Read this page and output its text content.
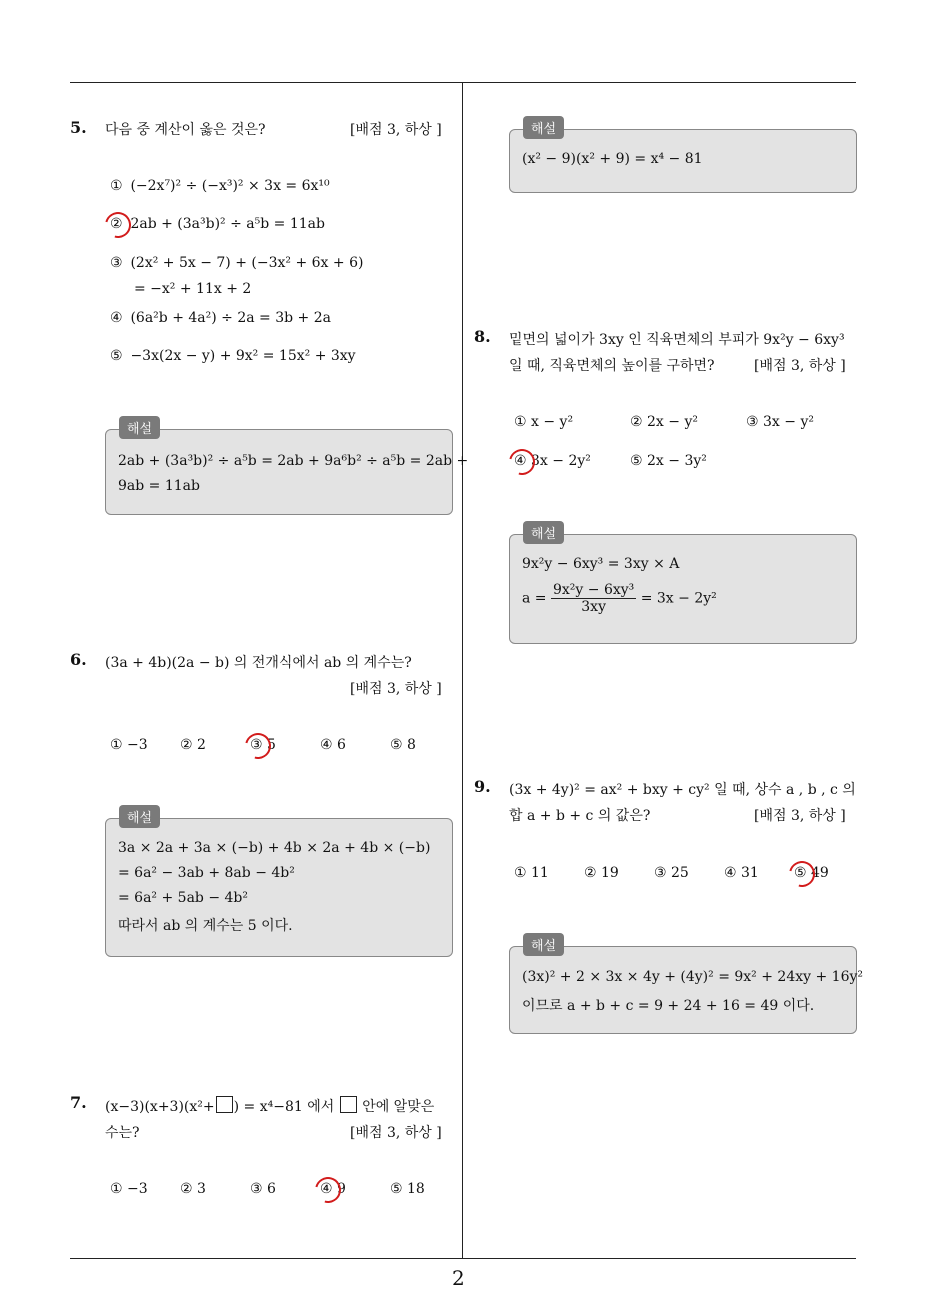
5. 다음 중 계산이 옳은 것은?	[배점 3, 하상 ]
① (−2x⁷)² ÷ (−x³)² × 3x = 6x¹⁰
② 2ab + (3a³b)² ÷ a⁵b = 11ab
③ (2x² + 5x − 7) + (−3x² + 6x + 6)
= −x² + 11x + 2
④ (6a²b + 4a²) ÷ 2a = 3b + 2a
⑤ −3x(2x − y) + 9x² = 15x² + 3xy
해설
2ab + (3a³b)² ÷ a⁵b = 2ab + 9a⁶b² ÷ a⁵b = 2ab +
9ab = 11ab
6. (3a + 4b)(2a − b) 의 전개식에서 ab 의 계수는?
[배점 3, 하상 ]
① −3 ② 2	③ 5	④ 6	⑤ 8
해설
3a × 2a + 3a × (−b) + 4b × 2a + 4b × (−b)
= 6a² − 3ab + 8ab − 4b²
= 6a² + 5ab − 4b²
따라서 ab 의 계수는 5 이다.
7. (x−3)(x+3)(x²+ ) = x⁴−81 에서 안에 알맞은
수는?	[배점 3, 하상 ]
① −3 ② 3	③ 6	④ 9	⑤ 18
해설
(x² − 9)(x² + 9) = x⁴ − 81
8. 밑면의 넓이가 3xy 인 직육면체의 부피가 9x²y − 6xy³
일 때, 직육면체의 높이를 구하면?	[배점 3, 하상 ]
① x − y²	② 2x − y²	③ 3x − y²
④ 3x − 2y²	⑤ 2x − 3y²
해설
9x²y − 6xy³ = 3xy × A
$a = \frac{\text{9x²y − 6xy³}}{3xy} = 3x - 2y^2$
9. (3x + 4y)² = ax² + bxy + cy² 일 때, 상수 a , b , c 의
합 a + b + c 의 값은?	[배점 3, 하상 ]
① 11	② 19	③ 25	④ 31	⑤ 49
해설
(3x)² + 2 × 3x × 4y + (4y)² = 9x² + 24xy + 16y²
이므로 a + b + c = 9 + 24 + 16 = 49 이다.
2
